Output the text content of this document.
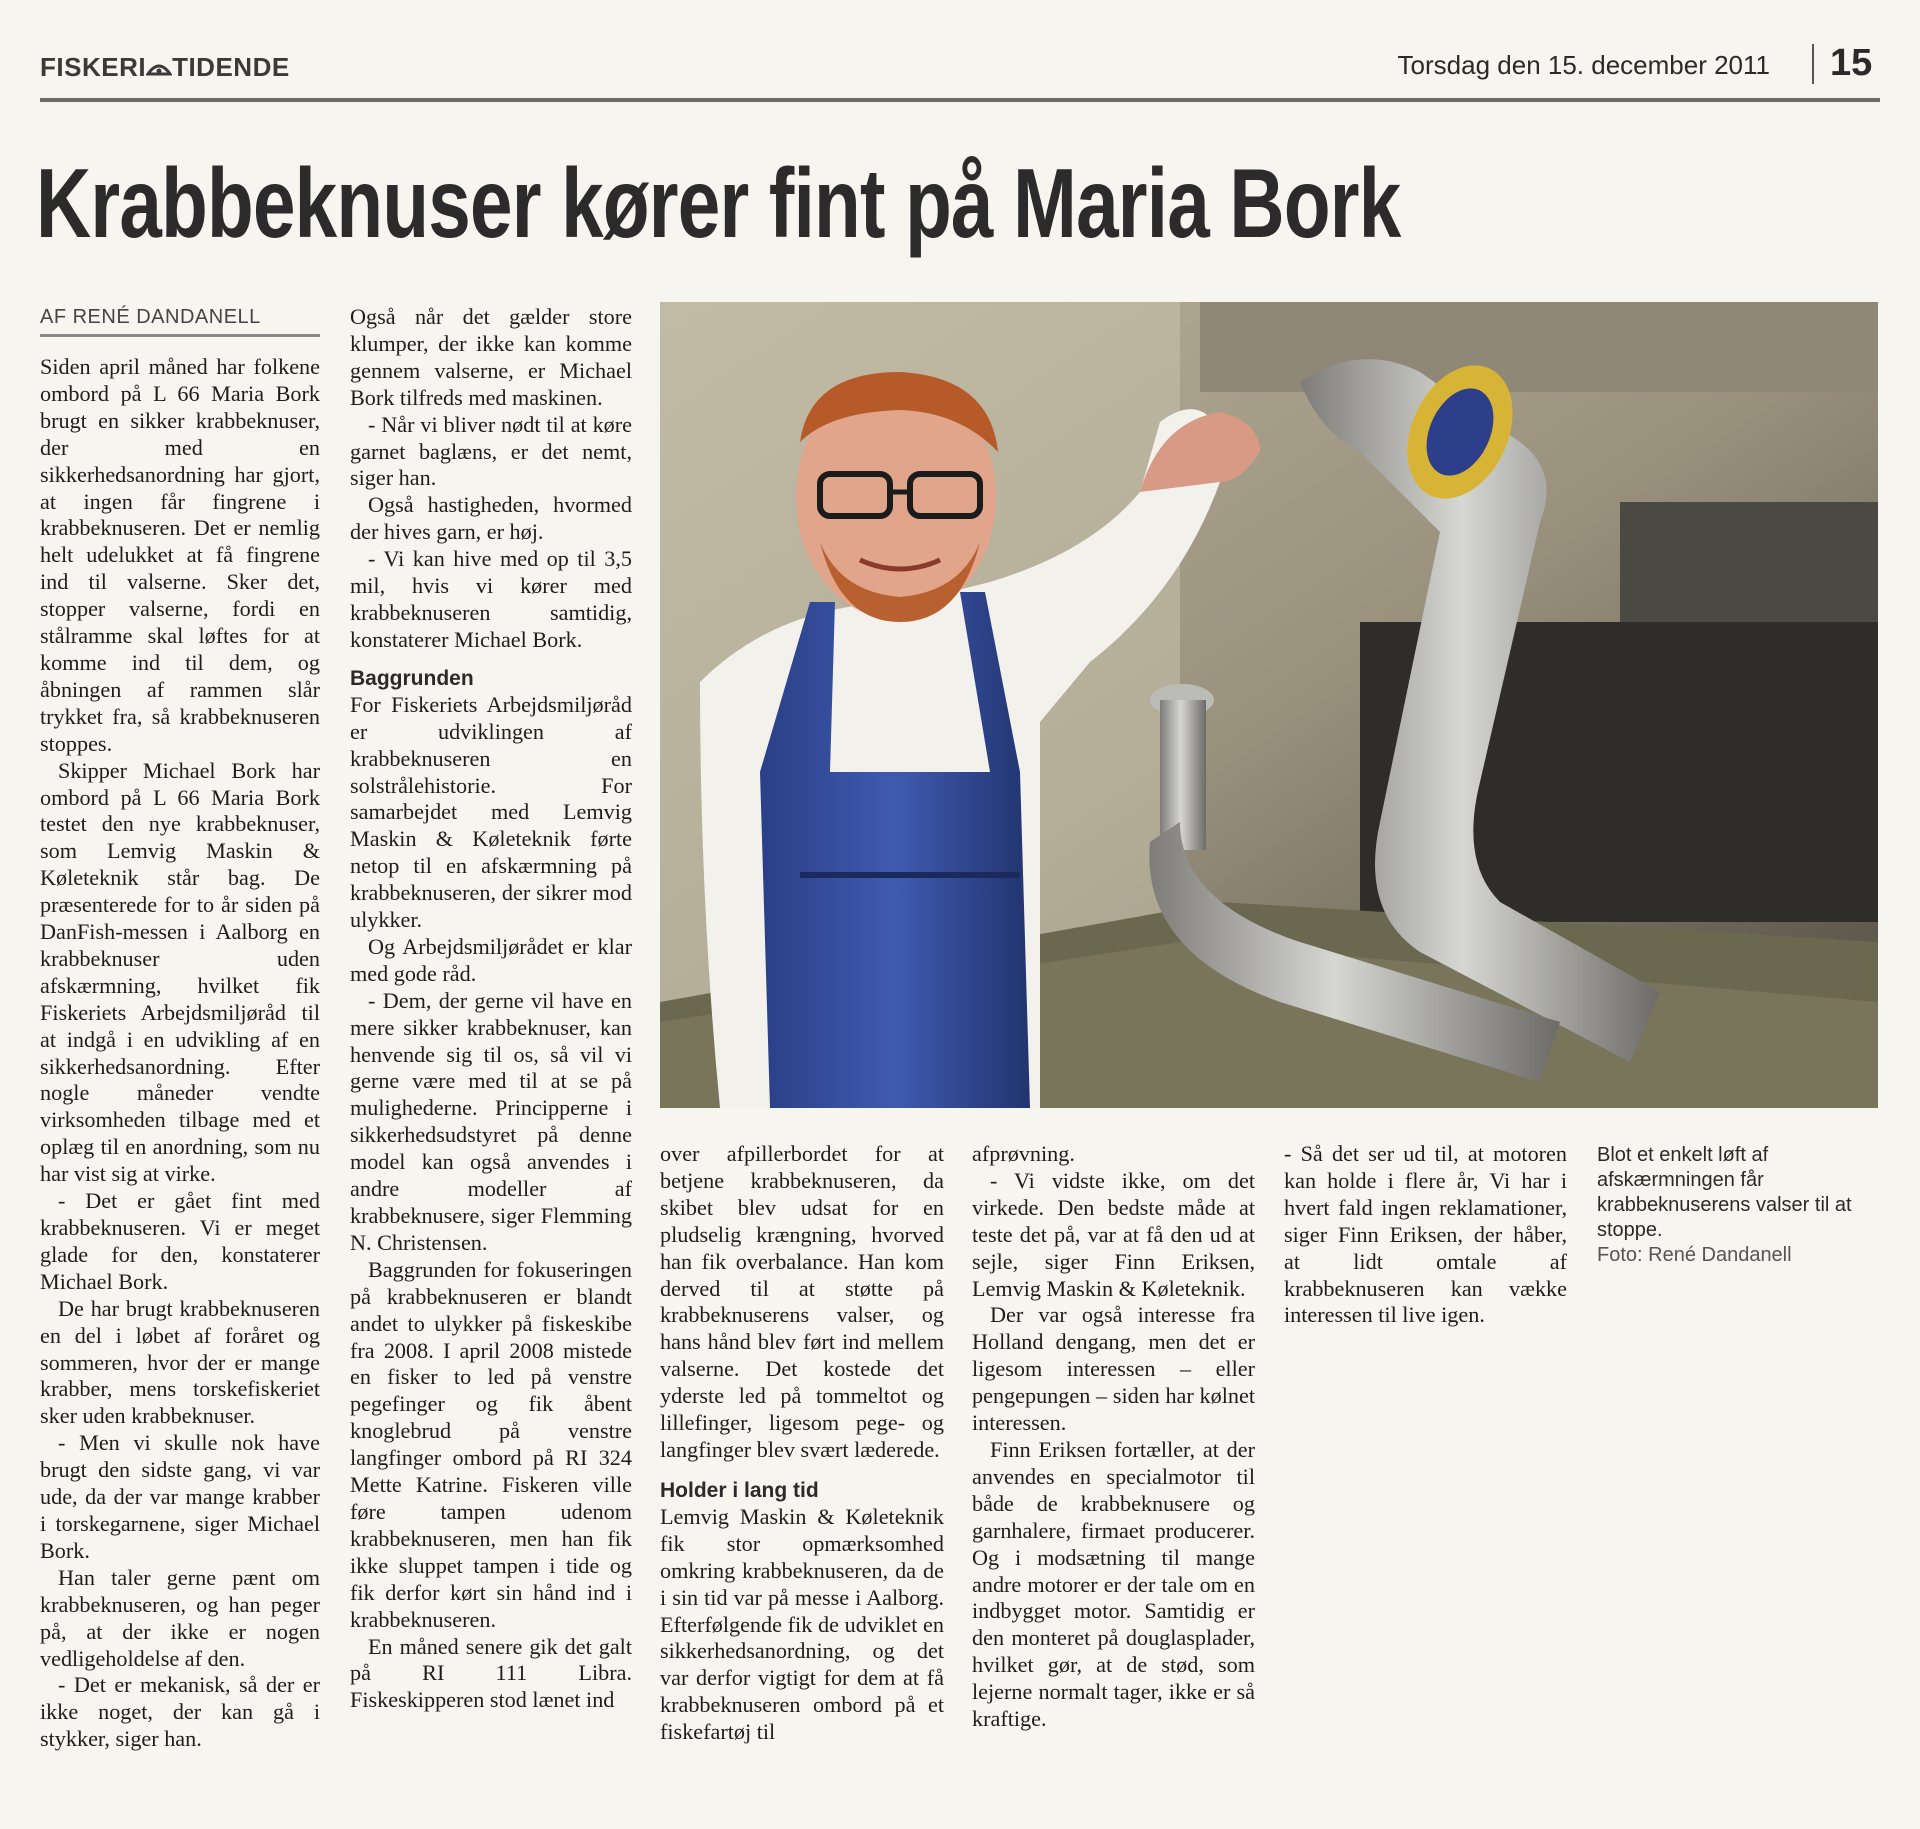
FISKERI TIDENDE	Torsdag den 15. december 2011 15
Krabbeknuser kører fint på Maria Bork
AF RENÉ DANDANELL

Siden april måned har folkene ombord på L 66 Maria Bork brugt en sikker krabbeknuser, der med en sikkerhedsanordning har gjort, at ingen får fingrene i krabbeknuseren. Det er nemlig helt udelukket at få fingrene ind til valserne. Sker det, stopper valserne, fordi en stålramme skal løftes for at komme ind til dem, og åbningen af rammen slår trykket fra, så krabbeknuseren stoppes.

Skipper Michael Bork har ombord på L 66 Maria Bork testet den nye krabbeknuser, som Lemvig Maskin & Køleteknik står bag. De præsenterede for to år siden på DanFish-messen i Aalborg en krabbeknuser uden afskærmning, hvilket fik Fiskeriets Arbejdsmiljøråd til at indgå i en udvikling af en sikkerhedsanordning. Efter nogle måneder vendte virksomheden tilbage med et oplæg til en anordning, som nu har vist sig at virke.

- Det er gået fint med krabbeknuseren. Vi er meget glade for den, konstaterer Michael Bork.

De har brugt krabbeknuseren en del i løbet af foråret og sommeren, hvor der er mange krabber, mens torskefiskeriet sker uden krabbeknuser.

- Men vi skulle nok have brugt den sidste gang, vi var ude, da der var mange krabber i torskegarnene, siger Michael Bork.

Han taler gerne pænt om krabbeknuseren, og han peger på, at der ikke er nogen vedligeholdelse af den.

- Det er mekanisk, så der er ikke noget, der kan gå i stykker, siger han.

Også når det gælder store klumper, der ikke kan komme gennem valserne, er Michael Bork tilfreds med maskinen.

- Når vi bliver nødt til at køre garnet baglæns, er det nemt, siger han.

Også hastigheden, hvormed der hives garn, er høj.

- Vi kan hive med op til 3,5 mil, hvis vi kører med krabbeknuseren samtidig, konstaterer Michael Bork.

Baggrunden

For Fiskeriets Arbejdsmiljøråd er udviklingen af krabbeknuseren en solstrålehistorie. For samarbejdet med Lemvig Maskin & Køleteknik førte netop til en afskærmning på krabbeknuseren, der sikrer mod ulykker.

Og Arbejdsmiljørådet er klar med gode råd.

- Dem, der gerne vil have en mere sikker krabbeknuser, kan henvende sig til os, så vil vi gerne være med til at se på mulighederne. Principperne i sikkerhedsudstyret på denne model kan også anvendes i andre modeller af krabbeknusere, siger Flemming N. Christensen.

Baggrunden for fokuseringen på krabbeknuseren er blandt andet to ulykker på fiskeskibe fra 2008. I april 2008 mistede en fisker to led på venstre pegefinger og fik åbent knoglebrud på venstre langfinger ombord på RI 324 Mette Katrine. Fiskeren ville føre tampen udenom krabbeknuseren, men han fik ikke sluppet tampen i tide og fik derfor kørt sin hånd ind i krabbeknuseren.

En måned senere gik det galt på RI 111 Libra. Fiskeskipperen stod lænet ind

over afpillerbordet for at betjene krabbeknuseren, da skibet blev udsat for en pludselig krængning, hvorved han fik overbalance. Han kom derved til at støtte på krabbeknuserens valser, og hans hånd blev ført ind mellem valserne. Det kostede det yderste led på tommeltot og lillefinger, ligesom pege- og langfinger blev svært læderede.

Holder i lang tid

Lemvig Maskin & Køleteknik fik stor opmærksomhed omkring krabbeknuseren, da de i sin tid var på messe i Aalborg. Efterfølgende fik de udviklet en sikkerhedsanordning, og det var derfor vigtigt for dem at få krabbeknuseren ombord på et fiskefartøj til

afprøvning.

- Vi vidste ikke, om det virkede. Den bedste måde at teste det på, var at få den ud at sejle, siger Finn Eriksen, Lemvig Maskin & Køleteknik.

Der var også interesse fra Holland dengang, men det er ligesom interessen – eller pengepungen – siden har kølnet interessen.

Finn Eriksen fortæller, at der anvendes en specialmotor til både de krabbeknusere og garnhalere, firmaet producerer. Og i modsætning til mange andre motorer er der tale om en indbygget motor. Samtidig er den monteret på douglasplader, hvilket gør, at de stød, som lejerne normalt tager, ikke er så kraftige.

- Så det ser ud til, at motoren kan holde i flere år, Vi har i hvert fald ingen reklamationer, siger Finn Eriksen, der håber, at lidt omtale af krabbeknuseren kan vække interessen til live igen.

Blot et enkelt løft af afskærmningen får krabbeknuserens valser til at stoppe.
Foto: René Dandanell
